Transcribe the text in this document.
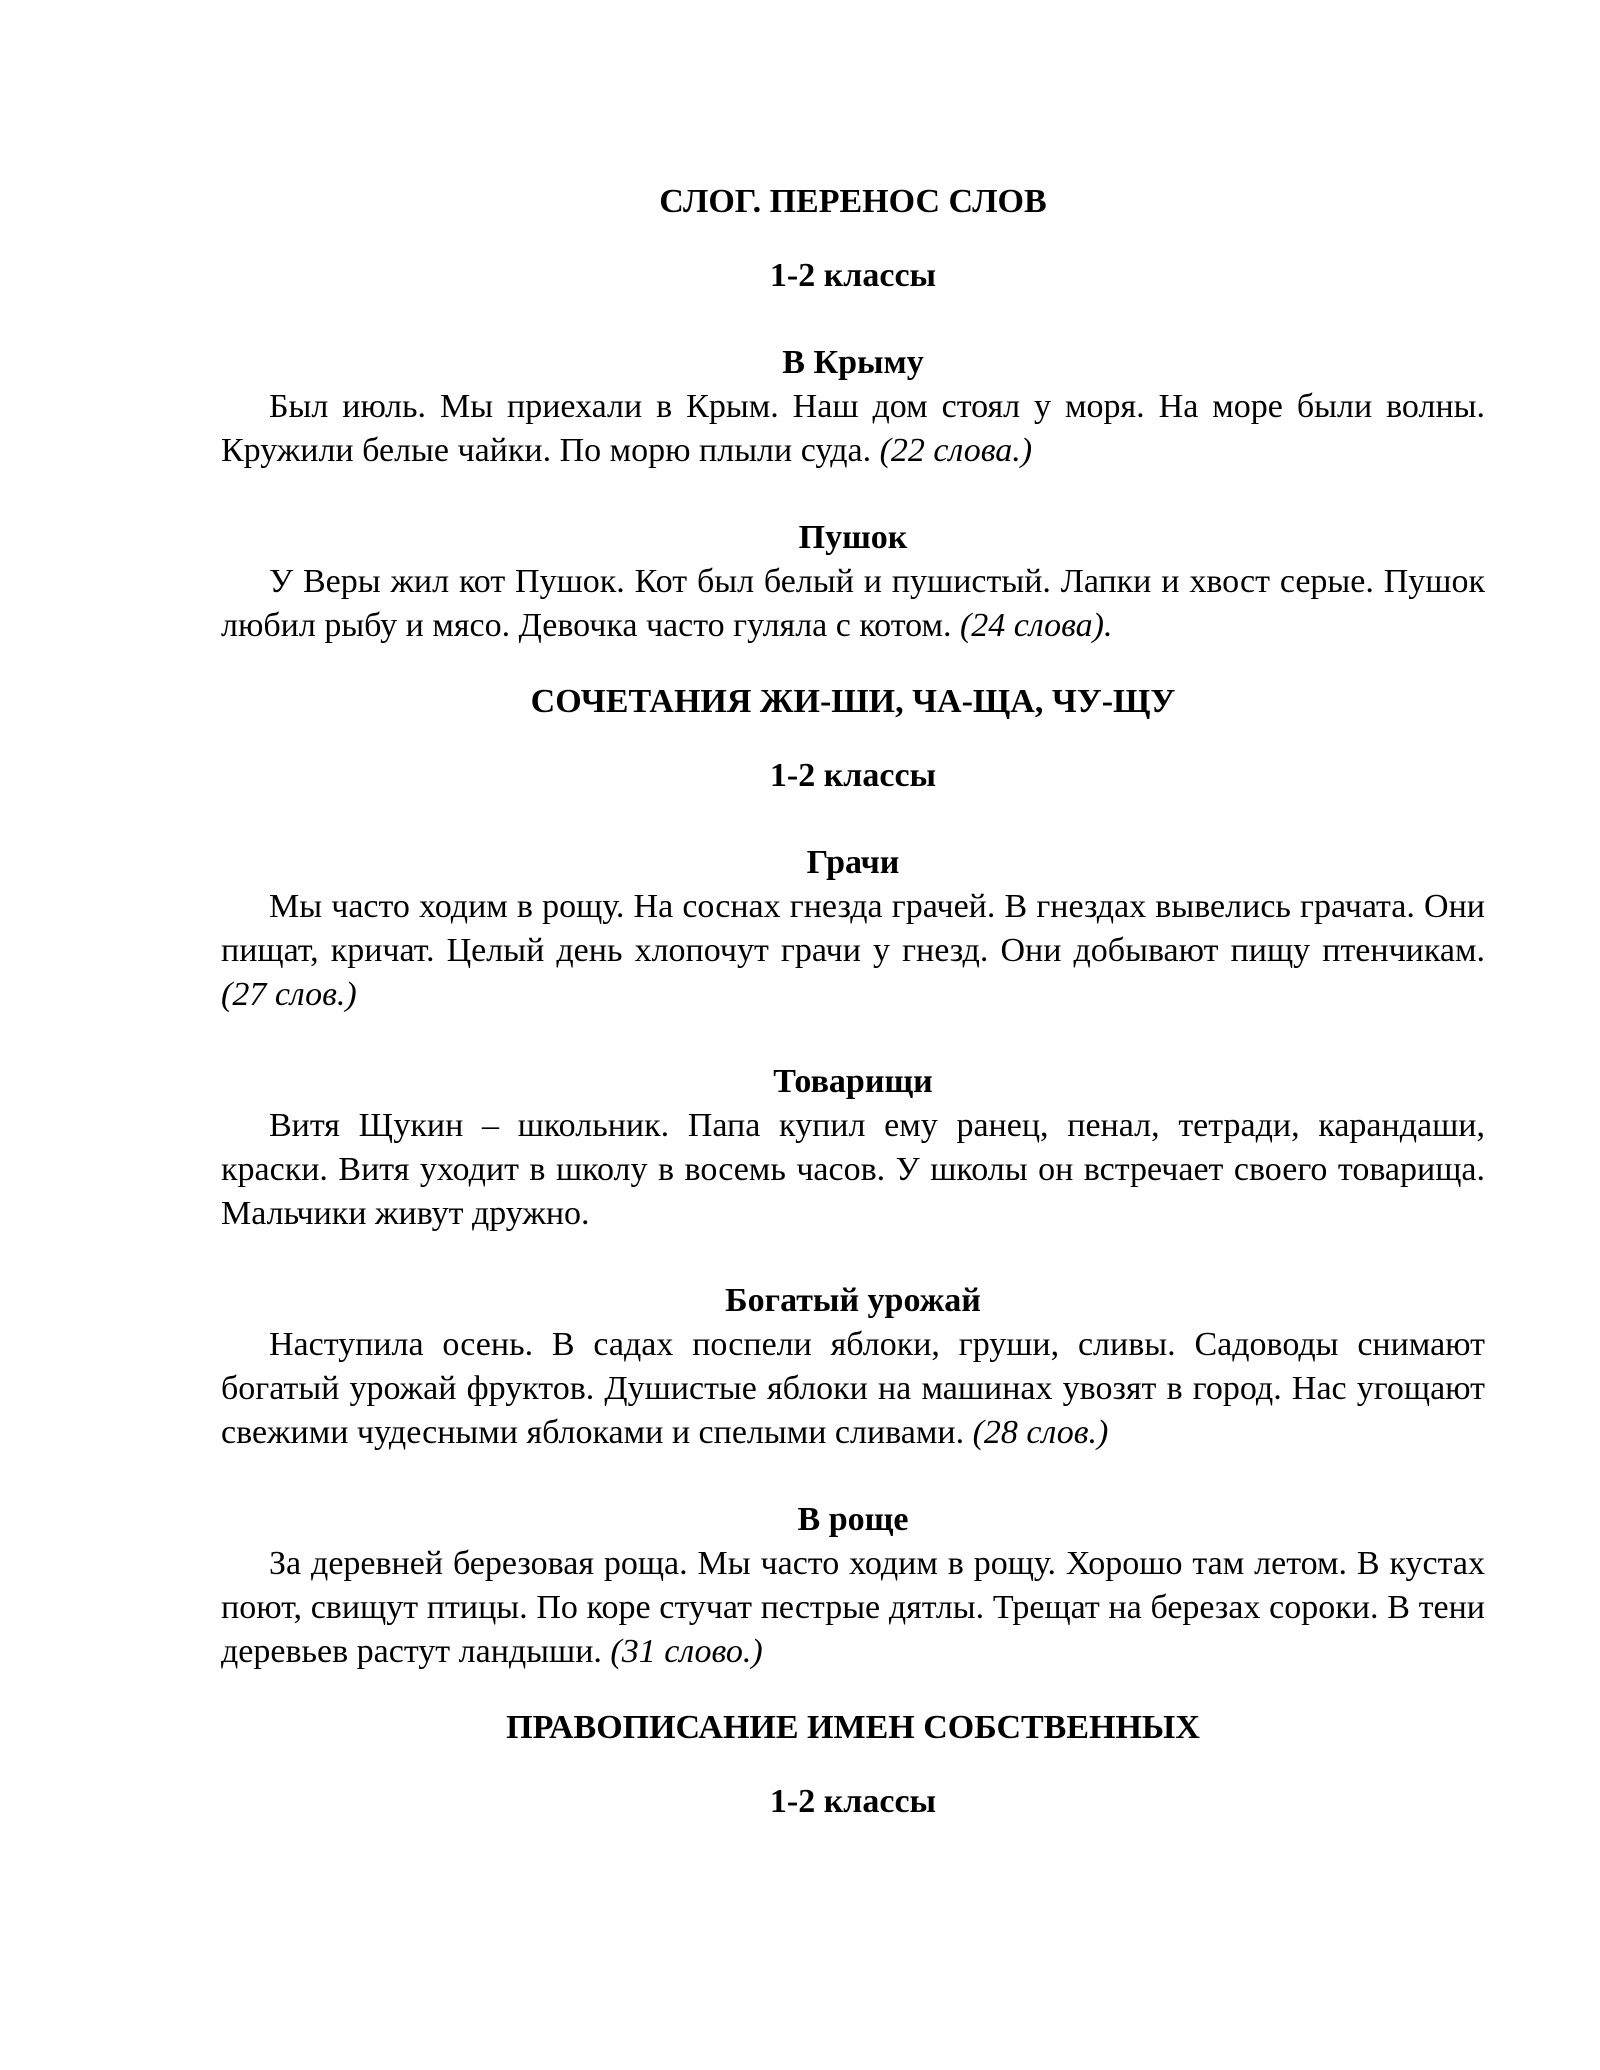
СЛОГ. ПЕРЕНОС СЛОВ

1-2 классы

В Крыму

Был июль. Мы приехали в Крым. Наш дом стоял у моря. На море были волны. Кружили белые чайки. По морю плыли суда. (22 слова.)

Пушок

У Веры жил кот Пушок. Кот был белый и пушистый. Лапки и хвост серые. Пушок любил рыбу и мясо. Девочка часто гуляла с котом. (24 слова).

СОЧЕТАНИЯ ЖИ-ШИ, ЧА-ЩА, ЧУ-ЩУ

1-2 классы

Грачи

Мы часто ходим в рощу. На соснах гнезда грачей. В гнездах вывелись грачата. Они пищат, кричат. Целый день хлопочут грачи у гнезд. Они добывают пищу птенчикам. (27 слов.)

Товарищи

Витя Щукин – школьник. Папа купил ему ранец, пенал, тетради, карандаши, краски. Витя уходит в школу в восемь часов. У школы он встречает своего товарища. Мальчики живут дружно.

Богатый урожай

Наступила осень. В садах поспели яблоки, груши, сливы. Садоводы снимают богатый урожай фруктов. Душистые яблоки на машинах увозят в город. Нас угощают свежими чудесными яблоками и спелыми сливами. (28 слов.)

В роще

За деревней березовая роща. Мы часто ходим в рощу. Хорошо там летом. В кустах поют, свищут птицы. По коре стучат пестрые дятлы. Трещат на березах сороки. В тени деревьев растут ландыши. (31 слово.)

ПРАВОПИСАНИЕ ИМЕН СОБСТВЕННЫХ

1-2 классы
